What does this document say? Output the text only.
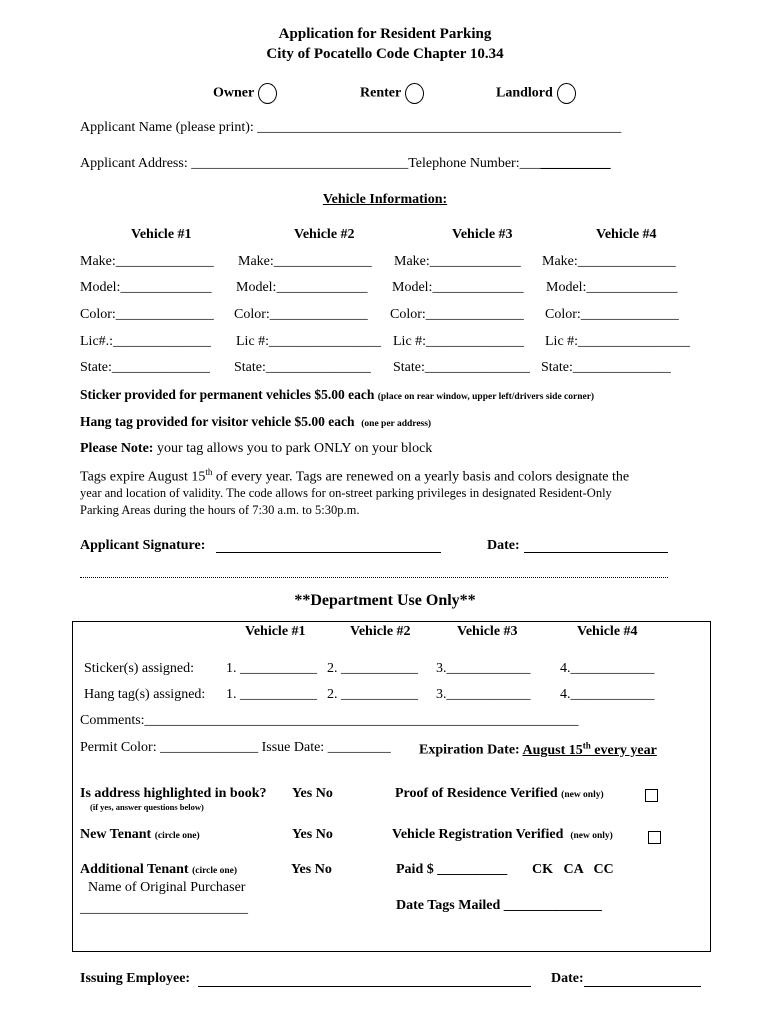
Application for Resident Parking
City of Pocatello Code Chapter 10.34
Owner	Renter	Landlord
Applicant Name (please print): ____________________________________________________
Applicant Address: _______________________________Telephone Number:_____________
Vehicle Information:
Vehicle #1	Vehicle #2	Vehicle #3	Vehicle #4
Make:______________ Make:______________ Make:_____________ Make:______________
Model:_____________ Model:_____________ Model:_____________ Model:_____________
Color:______________ Color:______________ Color:______________ Color:______________
Lic#.:______________ Lic #:________________ Lic #:______________ Lic #:________________
State:______________ State:_______________ State:_______________ State:______________
Sticker provided for permanent vehicles $5.00 each (place on rear window, upper left/drivers side corner)
Hang tag provided for visitor vehicle $5.00 each (one per address)
Please Note: your tag allows you to park ONLY on your block
Tags expire August 15th of every year. Tags are renewed on a yearly basis and colors designate the
year and location of validity. The code allows for on-street parking privileges in designated Resident-Only
Parking Areas during the hours of 7:30 a.m. to 5:30p.m.
Applicant Signature:	Date:
**Department Use Only**
Vehicle #1	Vehicle #2	Vehicle #3	Vehicle #4
Sticker(s) assigned: 1. ___________ 2. ___________ 3.____________ 4.____________
Hang tag(s) assigned: 1. ___________ 2. ___________ 3.____________ 4.____________
Comments:______________________________________________________________
Permit Color: ______________ Issue Date: _________ Expiration Date: August 15th every year
Is address highlighted in book?
(if yes, answer questions below)
Yes No	Proof of Residence Verified (new only)
New Tenant (circle one)	Yes No	Vehicle Registration Verified (new only)
Additional Tenant (circle one)	Yes No	Paid $ __________ CK   CA   CC
Name of Original Purchaser
________________________	Date Tags Mailed ______________
Issuing Employee:	Date:
